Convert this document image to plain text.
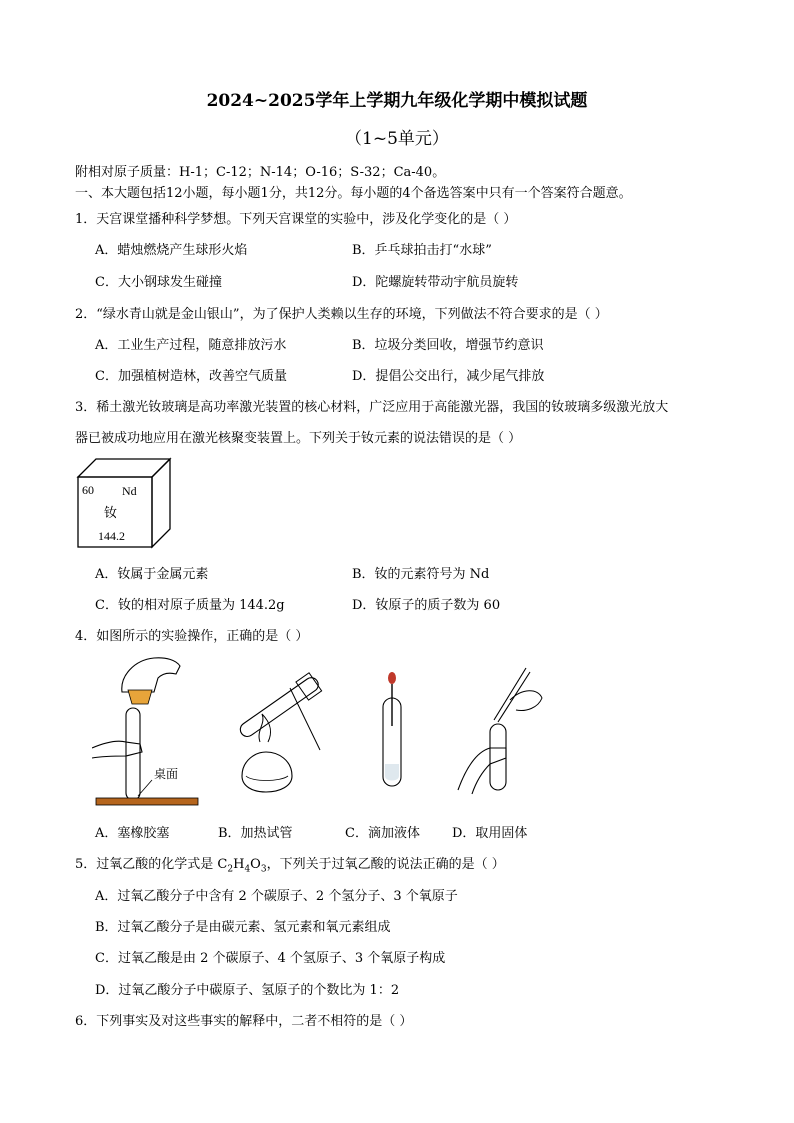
2024~2025学年上学期九年级化学期中模拟试题
（1~5单元）
附相对原子质量：H-1；C-12；N-14；O-16；S-32；Ca-40。
一、本大题包括12小题，每小题1分，共12分。每小题的4个备选答案中只有一个答案符合题意。
1．天宫课堂播种科学梦想。下列天宫课堂的实验中，涉及化学变化的是（ ）
A．蜡烛燃烧产生球形火焰	B．乒乓球拍击打“水球”
C．大小钢球发生碰撞	D．陀螺旋转带动宇航员旋转
2．“绿水青山就是金山银山”，为了保护人类赖以生存的环境，下列做法不符合要求的是（ ）
A．工业生产过程，随意排放污水	B．垃圾分类回收，增强节约意识
C．加强植树造林，改善空气质量	D．提倡公交出行，减少尾气排放
3．稀土激光钕玻璃是高功率激光装置的核心材料，广泛应用于高能激光器，我国的钕玻璃多级激光放大
器已被成功地应用在激光核聚变装置上。下列关于钕元素的说法错误的是（ ）
60 Nd
钕
144.2
A．钕属于金属元素	B．钕的元素符号为 Nd
C．钕的相对原子质量为 144.2g	D．钕原子的质子数为 60
4．如图所示的实验操作，正确的是（ ）
桌面
A．塞橡胶塞	B．加热试管	C．滴加液体 D．取用固体
5．过氧乙酸的化学式是 $C_2H_4O_3$，下列关于过氧乙酸的说法正确的是（ ）
A．过氧乙酸分子中含有 2 个碳原子、2 个氢分子、3 个氧原子
B．过氧乙酸分子是由碳元素、氢元素和氧元素组成
C．过氧乙酸是由 2 个碳原子、4 个氢原子、3 个氧原子构成
D．过氧乙酸分子中碳原子、氢原子的个数比为 1：2
6．下列事实及对这些事实的解释中，二者不相符的是（ ）
